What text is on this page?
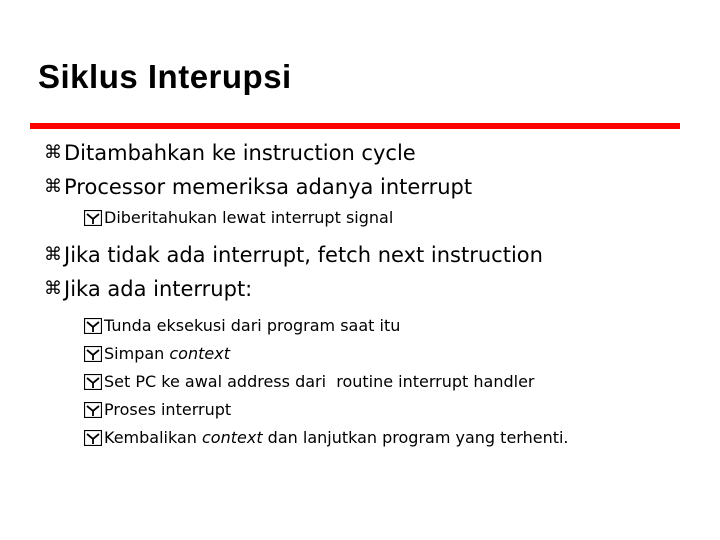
Siklus Interupsi
⌘ Ditambahkan ke instruction cycle
⌘ Processor memeriksa adanya interrupt
Diberitahukan lewat interrupt signal
⌘ Jika tidak ada interrupt, fetch next instruction
⌘ Jika ada interrupt:
Tunda eksekusi dari program saat itu
Simpan context
Set PC ke awal address dari  routine interrupt handler
Proses interrupt
Kembalikan context dan lanjutkan program yang terhenti.
